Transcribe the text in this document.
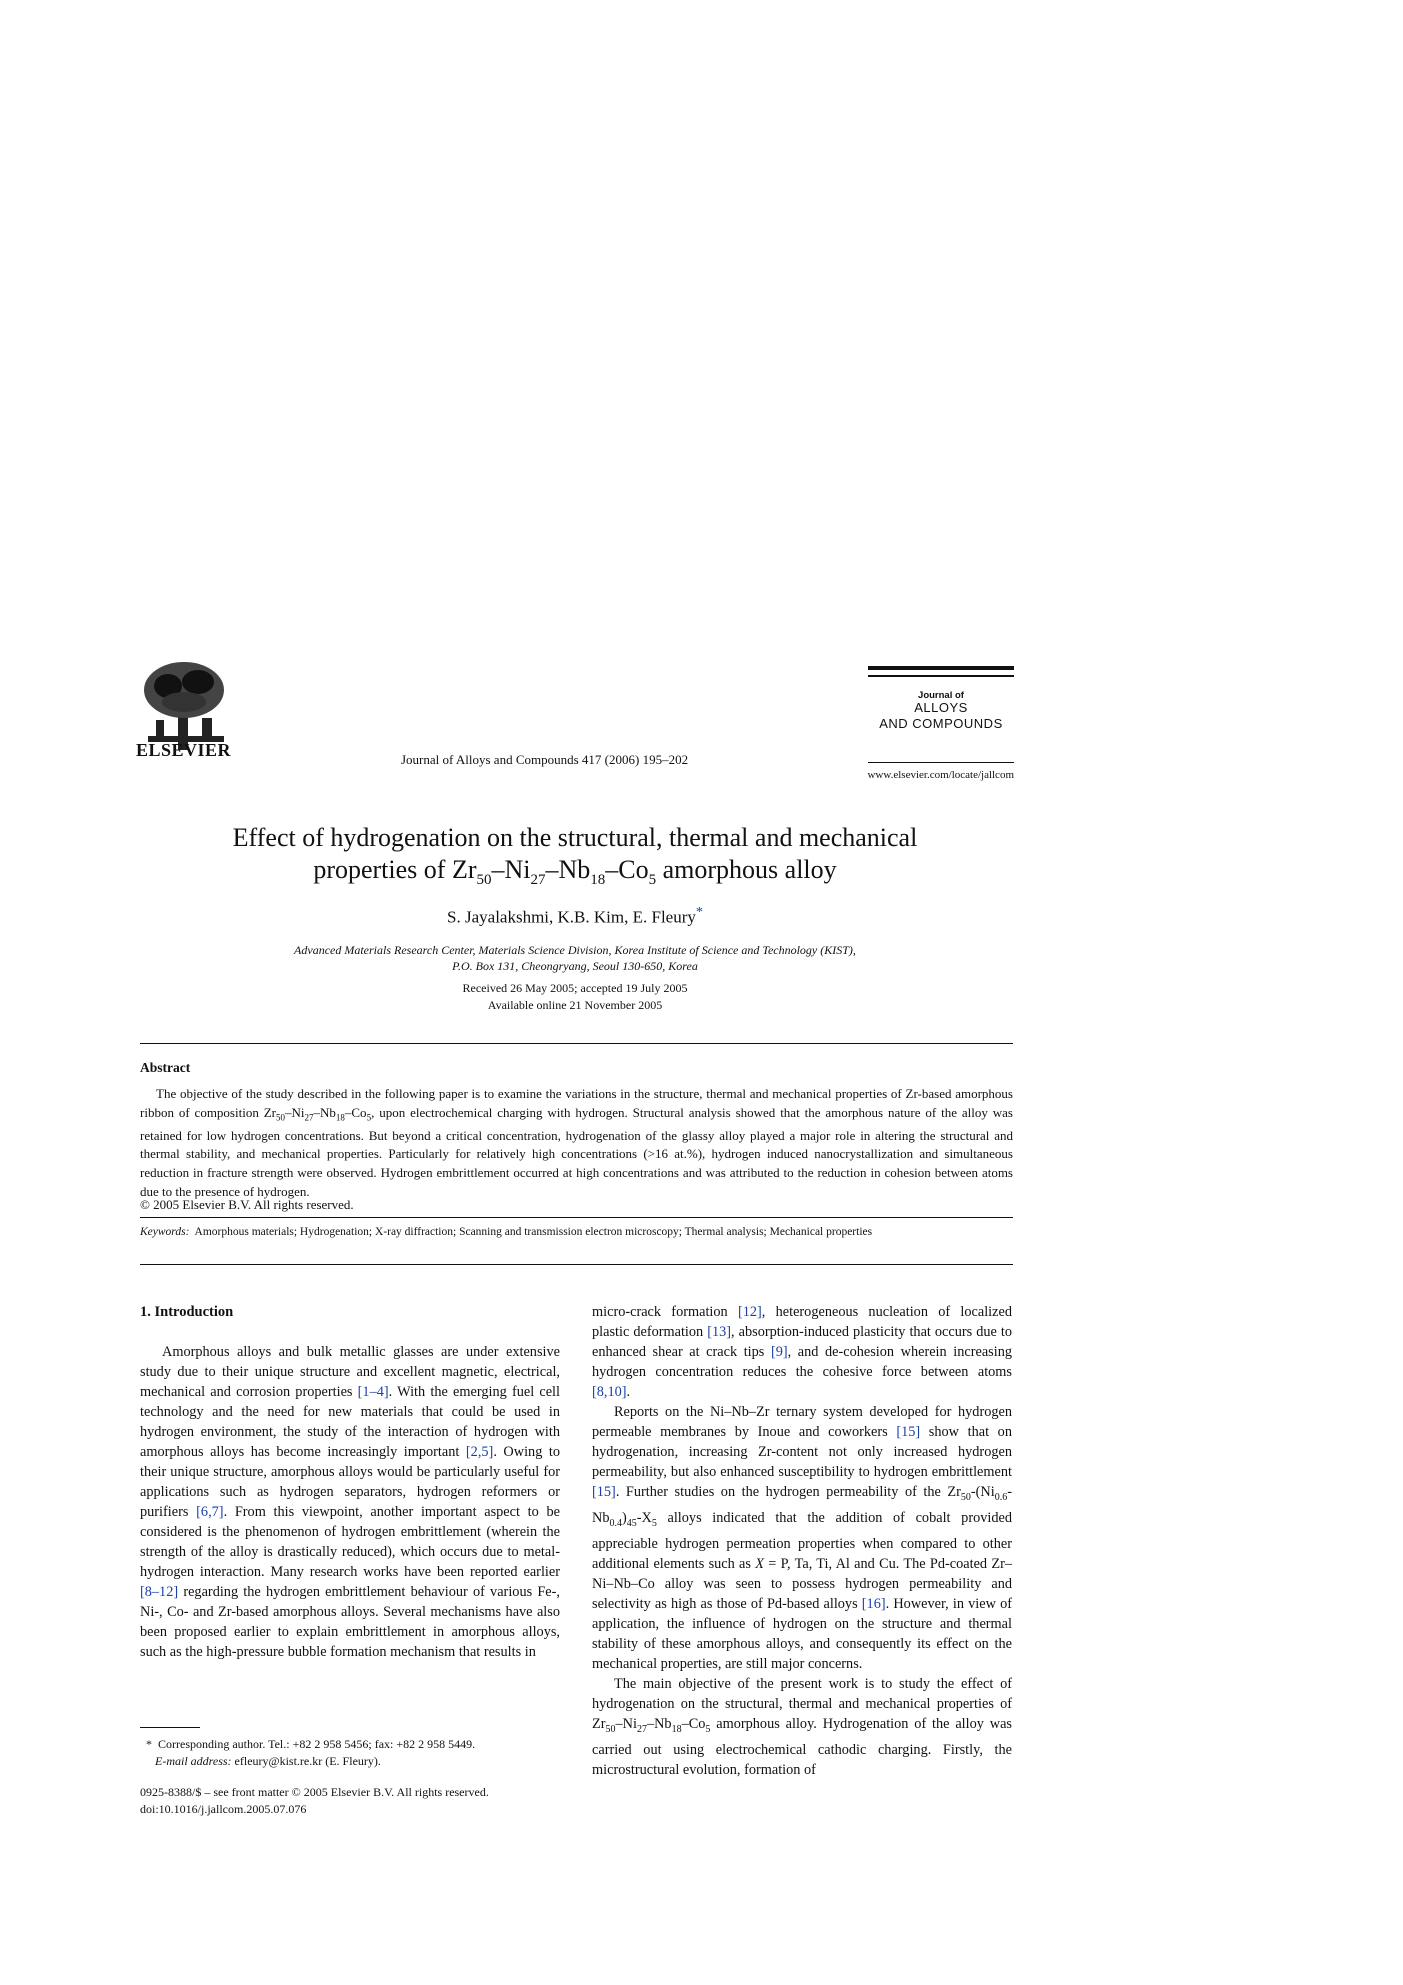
ELSEVIER	Journal of Alloys and Compounds 417 (2006) 195–202
Journal of
ALLOYS
AND COMPOUNDS
www.elsevier.com/locate/jallcom
Effect of hydrogenation on the structural, thermal and mechanical
properties of $Zr_{50}-Ni_{27}-Nb_{18}-Co_5$ amorphous alloy
S. Jayalakshmi, K.B. Kim, E. Fleury*
Advanced Materials Research Center, Materials Science Division, Korea Institute of Science and Technology (KIST),
P.O. Box 131, Cheongryang, Seoul 130-650, Korea
Received 26 May 2005; accepted 19 July 2005
Available online 21 November 2005
Abstract

The objective of the study described in the following paper is to examine the variations in the structure, thermal and mechanical properties of Zr-based amorphous ribbon of composition $Zr_{50}-Ni_{27}-Nb_{18}-Co_5$, upon electrochemical charging with hydrogen. Structural analysis showed that the amorphous nature of the alloy was retained for low hydrogen concentrations. But beyond a critical concentration, hydrogenation of the glassy alloy played a major role in altering the structural and thermal stability, and mechanical properties. Particularly for relatively high concentrations (>16 at.%), hydrogen induced nanocrystallization and simultaneous reduction in fracture strength were observed. Hydrogen embrittlement occurred at high concentrations and was attributed to the reduction in cohesion between atoms due to the presence of hydrogen.

© 2005 Elsevier B.V. All rights reserved.
Keywords: Amorphous materials; Hydrogenation; X-ray diffraction; Scanning and transmission electron microscopy; Thermal analysis; Mechanical properties
1. Introduction

Amorphous alloys and bulk metallic glasses are under extensive study due to their unique structure and excellent magnetic, electrical, mechanical and corrosion properties [1–4]. With the emerging fuel cell technology and the need for new materials that could be used in hydrogen environment, the study of the interaction of hydrogen with amorphous alloys has become increasingly important [2,5]. Owing to their unique structure, amorphous alloys would be particularly useful for applications such as hydrogen separators, hydrogen reformers or purifiers [6,7]. From this viewpoint, another important aspect to be considered is the phenomenon of hydrogen embrittlement (wherein the strength of the alloy is drastically reduced), which occurs due to metal-hydrogen interaction. Many research works have been reported earlier [8–12] regarding the hydrogen embrittlement behaviour of various Fe-, Ni-, Co- and Zr-based amorphous alloys. Several mechanisms have also been proposed earlier to explain embrittlement in amorphous alloys, such as the high-pressure bubble formation mechanism that results in

micro-crack formation [12], heterogeneous nucleation of localized plastic deformation [13], absorption-induced plasticity that occurs due to enhanced shear at crack tips [9], and de-cohesion wherein increasing hydrogen concentration reduces the cohesive force between atoms [8,10].

Reports on the Ni–Nb–Zr ternary system developed for hydrogen permeable membranes by Inoue and coworkers [15] show that on hydrogenation, increasing Zr-content not only increased hydrogen permeability, but also enhanced susceptibility to hydrogen embrittlement [15]. Further studies on the hydrogen permeability of the $Zr_{50}-(Ni_{0.6}-Nb_{0.4})_{45}-X_5$ alloys indicated that the addition of cobalt provided appreciable hydrogen permeation properties when compared to other additional elements such as X = P, Ta, Ti, Al and Cu. The Pd-coated Zr–Ni–Nb–Co alloy was seen to possess hydrogen permeability and selectivity as high as those of Pd-based alloys [16]. However, in view of application, the influence of hydrogen on the structure and thermal stability of these amorphous alloys, and consequently its effect on the mechanical properties, are still major concerns.

The main objective of the present work is to study the effect of hydrogenation on the structural, thermal and mechanical properties of $Zr_{50}-Ni_{27}-Nb_{18}-Co_5$ amorphous alloy. Hydrogenation of the alloy was carried out using electrochemical cathodic charging. Firstly, the microstructural evolution, formation of

*  Corresponding author. Tel.: +82 2 958 5456; fax: +82 2 958 5449.
E-mail address: efleury@kist.re.kr (E. Fleury).
0925-8388/$ – see front matter © 2005 Elsevier B.V. All rights reserved.
doi:10.1016/j.jallcom.2005.07.076
